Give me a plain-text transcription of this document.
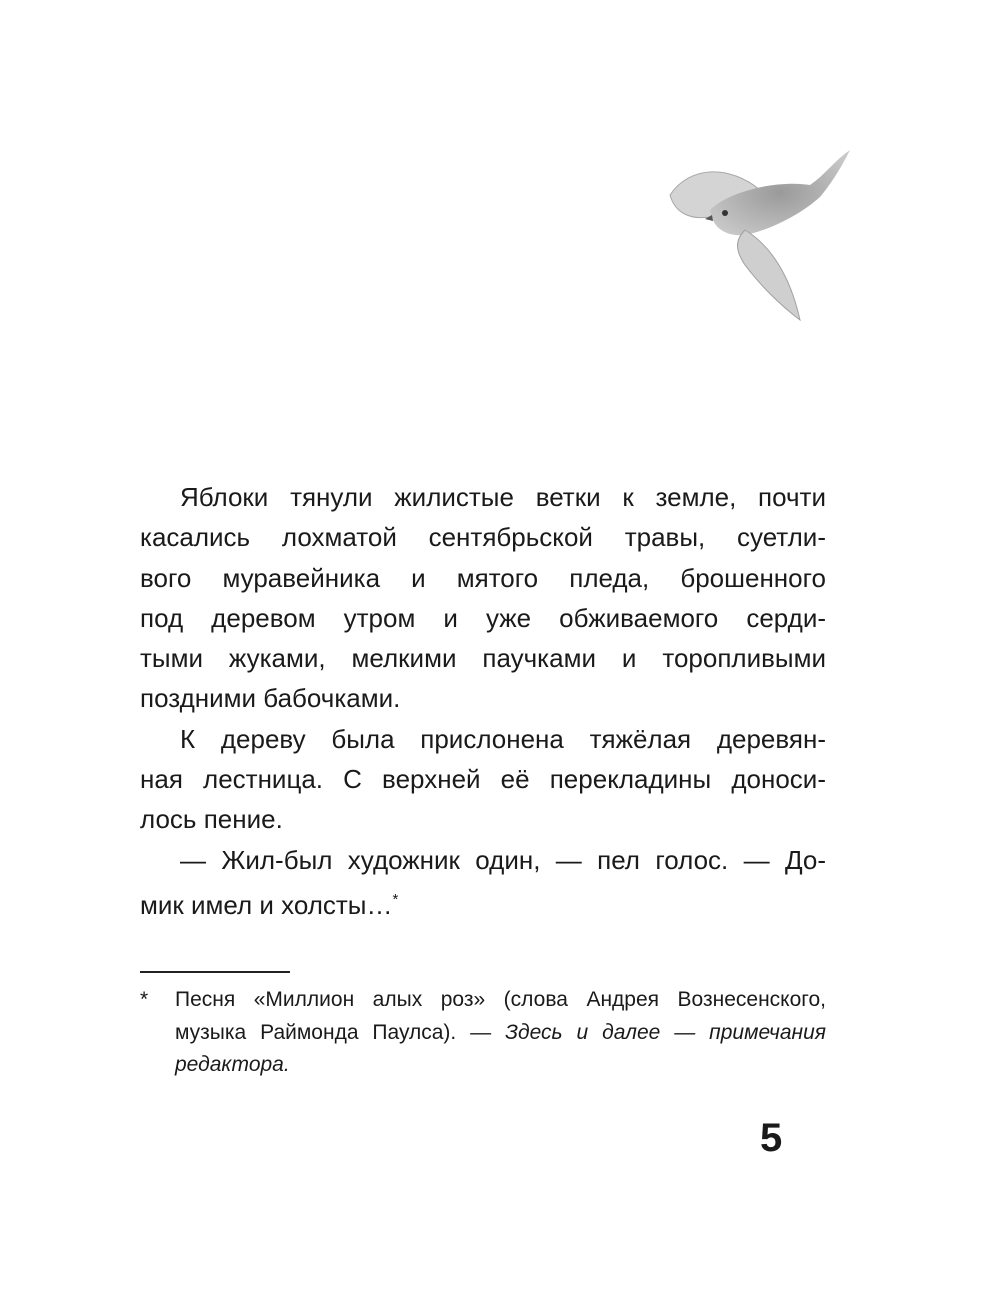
Яблоки тянули жилистые ветки к земле, почти
касались лохматой сентябрьской травы, суетли-
вого муравейника и мятого пледа, брошенного
под деревом утром и уже обживаемого серди-
тыми жуками, мелкими паучками и торопливыми
поздними бабочками.
К дереву была прислонена тяжёлая деревян-
ная лестница. С верхней её перекладины доноси-
лось пение.
— Жил-был художник один, — пел голос. — До-
мик имел и холсты…*
* Песня «Миллион алых роз» (слова Андрея Вознесенского,
музыка Раймонда Паулса). — Здесь и далее — примечания
редактора.
5
